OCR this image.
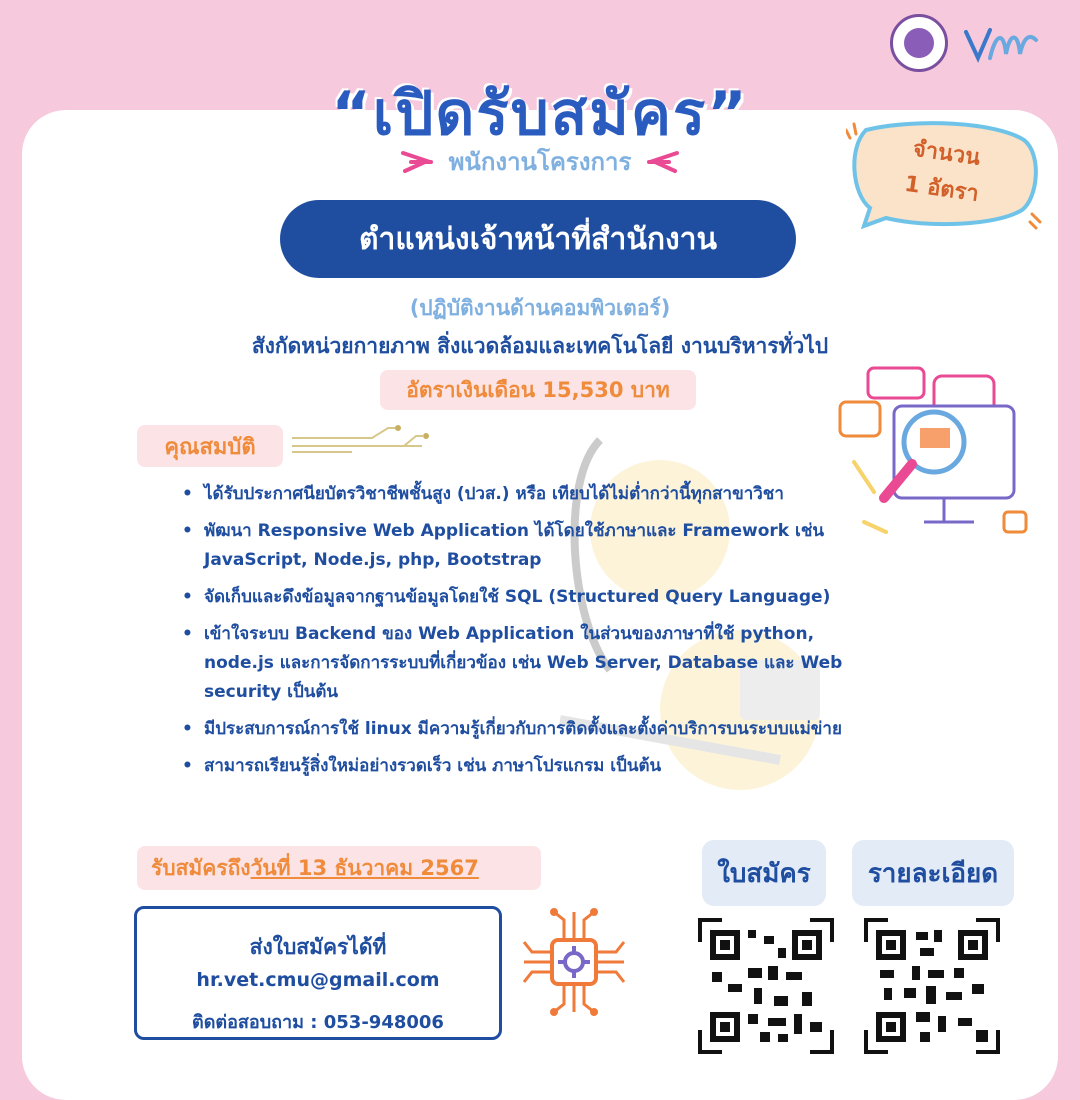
“เปิดรับสมัคร”
พนักงานโครงการ
ตำแหน่งเจ้าหน้าที่สำนักงาน
จำนวน
1 อัตรา
(ปฏิบัติงานด้านคอมพิวเตอร์)
สังกัดหน่วยกายภาพ สิ่งแวดล้อมและเทคโนโลยี งานบริหารทั่วไป
อัตราเงินเดือน 15,530 บาท
คุณสมบัติ
• ได้รับประกาศนียบัตรวิชาชีพชั้นสูง (ปวส.) หรือ เทียบได้ไม่ต่ำกว่านี้ทุกสาขาวิชา
• พัฒนา Responsive Web Application ได้โดยใช้ภาษาและ Framework เช่น JavaScript, Node.js, php, Bootstrap
• จัดเก็บและดึงข้อมูลจากฐานข้อมูลโดยใช้ SQL (Structured Query Language)
• เข้าใจระบบ Backend ของ Web Application ในส่วนของภาษาที่ใช้ python, node.js และการจัดการระบบที่เกี่ยวข้อง เช่น Web Server, Database และ Web security เป็นต้น
• มีประสบการณ์การใช้ linux มีความรู้เกี่ยวกับการติดตั้งและตั้งค่าบริการบนระบบแม่ข่าย
• สามารถเรียนรู้สิ่งใหม่อย่างรวดเร็ว เช่น ภาษาโปรแกรม เป็นต้น
รับสมัครถึง วันที่ 13 ธันวาคม 2567
ส่งใบสมัครได้ที่
hr.vet.cmu@gmail.com
ติดต่อสอบถาม : 053-948006
ใบสมัคร	รายละเอียด
